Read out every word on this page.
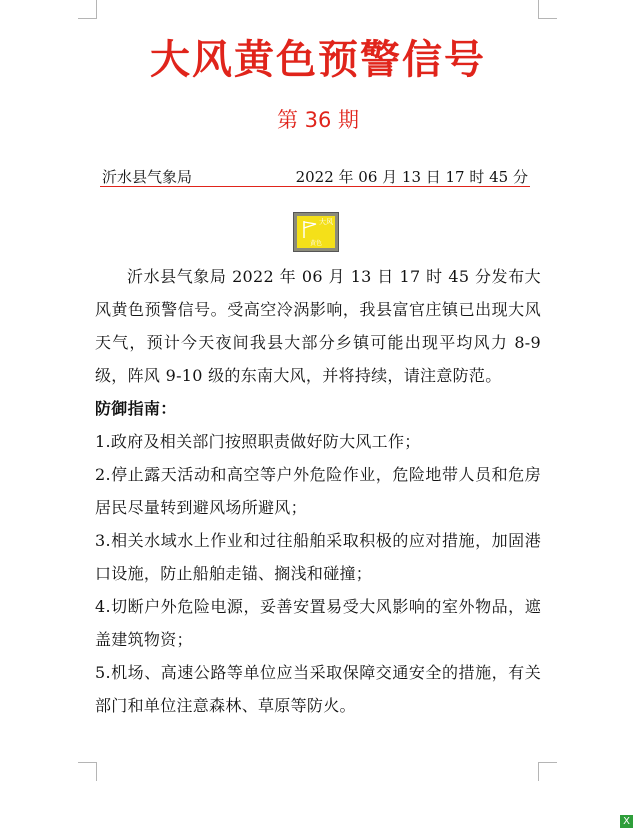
大风黄色预警信号
第 36 期
沂水县气象局	2022 年 06 月 13 日 17 时 45 分
大风
黄色

沂水县气象局 2022 年 06 月 13 日 17 时 45 分发布大风黄色预警信号。受高空冷涡影响，我县富官庄镇已出现大风天气，预计今天夜间我县大部分乡镇可能出现平均风力 8-9 级，阵风 9-10 级的东南大风，并将持续，请注意防范。

防御指南：

1.政府及相关部门按照职责做好防大风工作；

2.停止露天活动和高空等户外危险作业，危险地带人员和危房居民尽量转到避风场所避风；

3.相关水域水上作业和过往船舶采取积极的应对措施，加固港口设施，防止船舶走锚、搁浅和碰撞；

4.切断户外危险电源，妥善安置易受大风影响的室外物品，遮盖建筑物资；

5.机场、高速公路等单位应当采取保障交通安全的措施，有关部门和单位注意森林、草原等防火。

X
